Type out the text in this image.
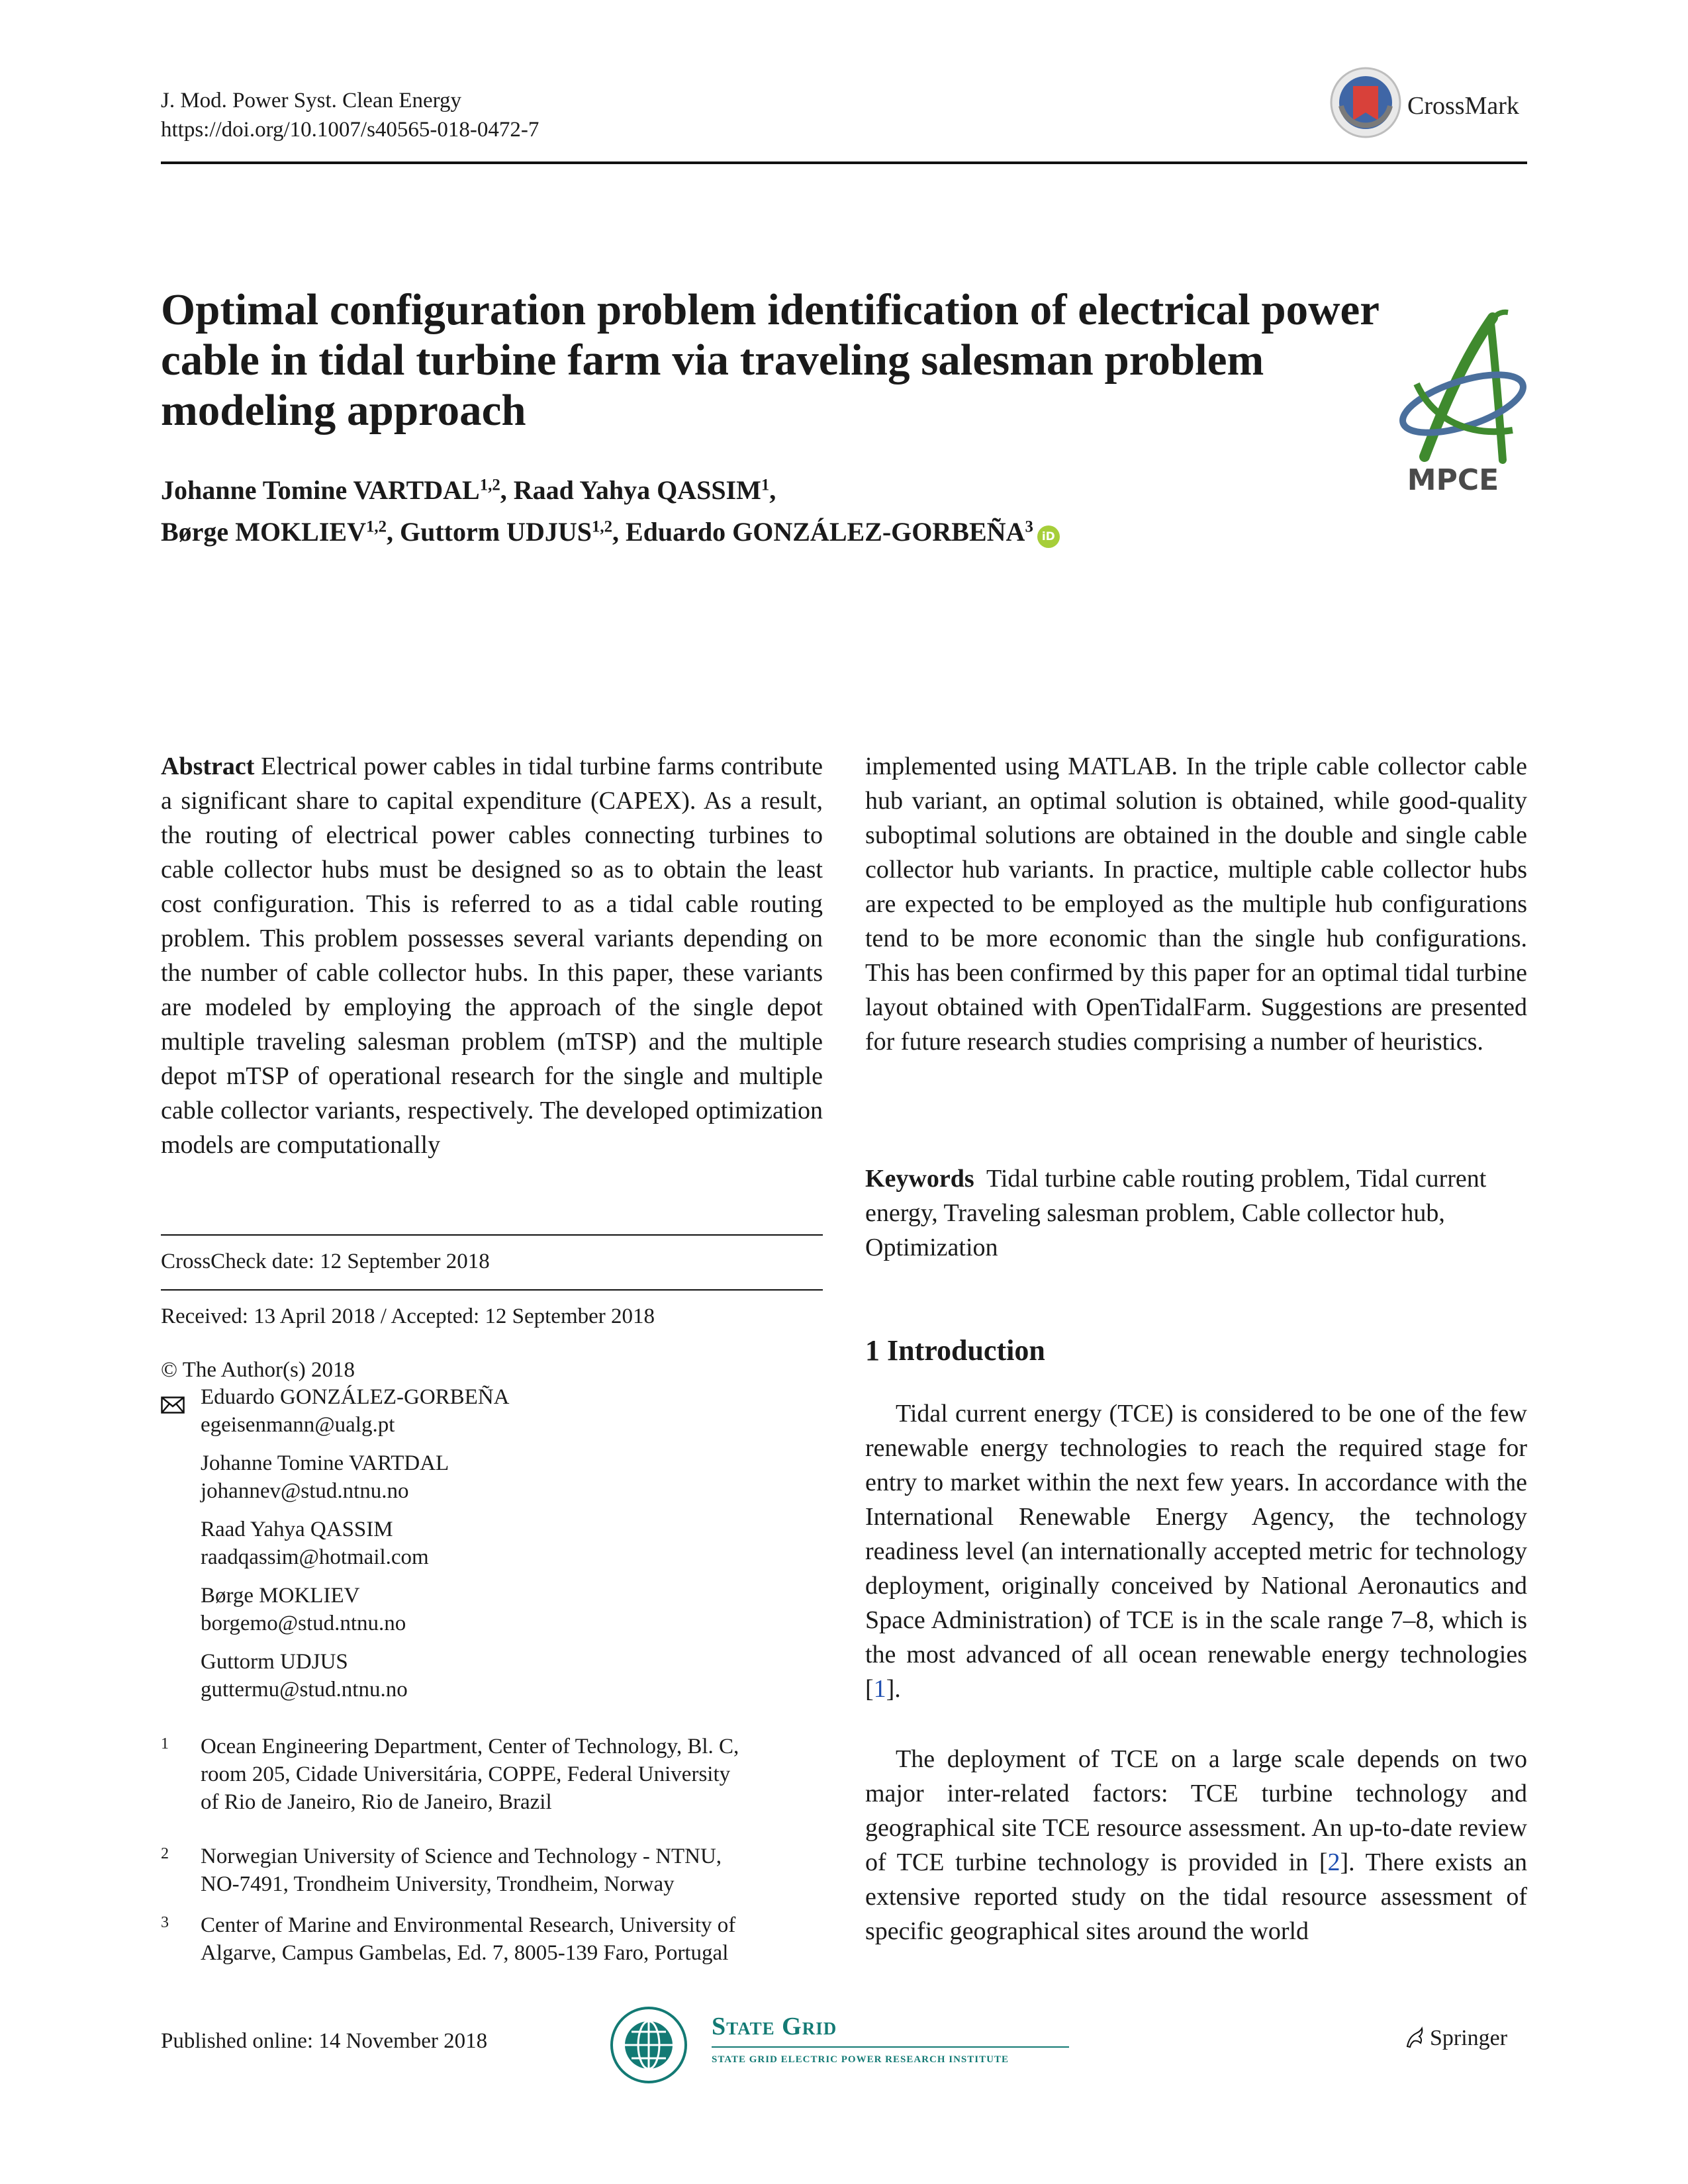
J. Mod. Power Syst. Clean Energy
https://doi.org/10.1007/s40565-018-0472-7
CrossMark
Optimal configuration problem identification of electrical power cable in tidal turbine farm via traveling salesman problem modeling approach
Johanne Tomine VARTDAL$^{1,2}$, Raad Yahya QASSIM$^1$,
Børge MOKLIEV$^{1,2}$, Guttorm UDJUS$^{1,2}$, Eduardo GONZÁLEZ-GORBEÑA$^3$iD
MPCE

Abstract Electrical power cables in tidal turbine farms contribute a significant share to capital expenditure (CAPEX). As a result, the routing of electrical power cables connecting turbines to cable collector hubs must be designed so as to obtain the least cost configuration. This is referred to as a tidal cable routing problem. This problem possesses several variants depending on the number of cable collector hubs. In this paper, these variants are modeled by employing the approach of the single depot multiple traveling salesman problem (mTSP) and the multiple depot mTSP of operational research for the single and multiple cable collector variants, respectively. The developed optimization models are computationally

implemented using MATLAB. In the triple cable collector cable hub variant, an optimal solution is obtained, while good-quality suboptimal solutions are obtained in the double and single cable collector hub variants. In practice, multiple cable collector hubs are expected to be employed as the multiple hub configurations tend to be more economic than the single hub configurations. This has been confirmed by this paper for an optimal tidal turbine layout obtained with OpenTidalFarm. Suggestions are presented for future research studies comprising a number of heuristics.

Keywords Tidal turbine cable routing problem, Tidal current energy, Traveling salesman problem, Cable collector hub, Optimization

CrossCheck date: 12 September 2018
Received: 13 April 2018 / Accepted: 12 September 2018
© The Author(s) 2018
Eduardo GONZÁLEZ-GORBEÑA
egeisenmann@ualg.pt
Johanne Tomine VARTDAL
johannev@stud.ntnu.no
Raad Yahya QASSIM
raadqassim@hotmail.com
Børge MOKLIEV
borgemo@stud.ntnu.no
Guttorm UDJUS
guttermu@stud.ntnu.no
1 Ocean Engineering Department, Center of Technology, Bl. C,
room 205, Cidade Universitária, COPPE, Federal University
of Rio de Janeiro, Rio de Janeiro, Brazil
2 Norwegian University of Science and Technology - NTNU,
NO-7491, Trondheim University, Trondheim, Norway
3 Center of Marine and Environmental Research, University of
Algarve, Campus Gambelas, Ed. 7, 8005-139 Faro, Portugal
1 Introduction

Tidal current energy (TCE) is considered to be one of the few renewable energy technologies to reach the required stage for entry to market within the next few years. In accordance with the International Renewable Energy Agency, the technology readiness level (an internationally accepted metric for technology deployment, originally conceived by National Aeronautics and Space Administration) of TCE is in the scale range 7–8, which is the most advanced of all ocean renewable energy technologies [1].

The deployment of TCE on a large scale depends on two major inter-related factors: TCE turbine technology and geographical site TCE resource assessment. An up-to-date review of TCE turbine technology is provided in [2]. There exists an extensive reported study on the tidal resource assessment of specific geographical sites around the world

Published online: 14 November 2018
State Grid
STATE GRID ELECTRIC POWER RESEARCH INSTITUTE
Springer
